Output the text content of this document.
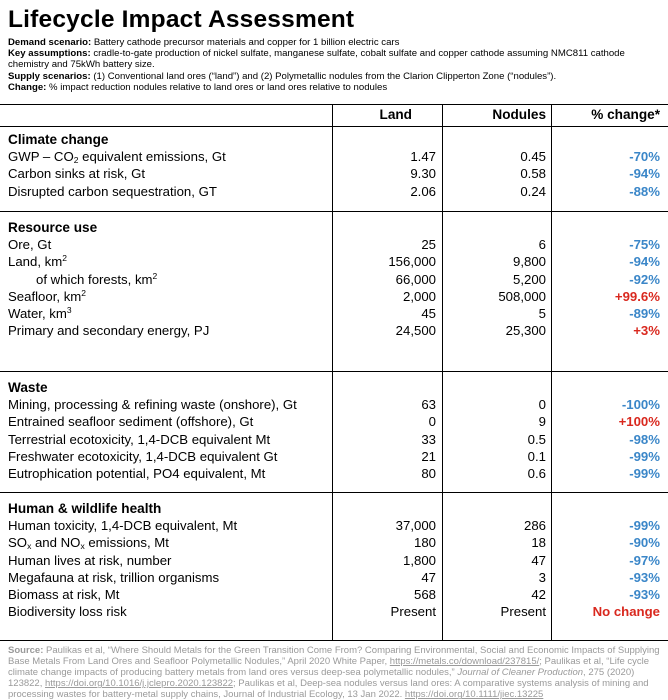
Lifecycle Impact Assessment
Demand scenario: Battery cathode precursor materials and copper for 1 billion electric cars
Key assumptions: cradle-to-gate production of nickel sulfate, manganese sulfate, cobalt sulfate and copper cathode assuming NMC811 cathode chemistry and 75kWh battery size.
Supply scenarios: (1) Conventional land ores (“land”) and (2) Polymetallic nodules from the Clarion Clipperton Zone (“nodules”).
Change: % impact reduction nodules relative to land ores or land ores relative to nodules
Land	Nodules	% change*
Climate change
GWP – $CO_2$ equivalent emissions, Gt	1.47	0.45	-70%
Carbon sinks at risk, Gt	9.30	0.58	-94%
Disrupted carbon sequestration, GT	2.06	0.24	-88%
Resource use
Ore, Gt	25	6	-75%
Land, $km^2$	156,000	9,800	-94%
of which forests, $km^2$	66,000	5,200	-92%
Seafloor, $km^2$	2,000	508,000	+99.6%
Water, $km^3$	45	5	-89%
Primary and secondary energy, PJ	24,500	25,300	+3%
Waste
Mining, processing & refining waste (onshore), Gt	63	0	-100%
Entrained seafloor sediment (offshore), Gt	0	9	+100%
Terrestrial ecotoxicity, 1,4-DCB equivalent Mt	33	0.5	-98%
Freshwater ecotoxicity, 1,4-DCB equivalent Gt	21	0.1	-99%
Eutrophication potential, PO4 equivalent, Mt	80	0.6	-99%
Human & wildlife health
Human toxicity, 1,4-DCB equivalent, Mt	37,000	286	-99%
$SO_x$ and $NO_x$ emissions, Mt	180	18	-90%
Human lives at risk, number	1,800	47	-97%
Megafauna at risk, trillion organisms	47	3	-93%
Biomass at risk, Mt	568	42	-93%
Biodiversity loss risk	Present	Present	No change
Source: Paulikas et al, “Where Should Metals for the Green Transition Come From? Comparing Environmental, Social and Economic Impacts of Supplying Base Metals From Land Ores and Seafloor Polymetallic Nodules,” April 2020 White Paper, https://metals.co/download/237815/; Paulikas et al, “Life cycle climate change impacts of producing battery metals from land ores versus deep-sea polymetallic nodules,” Journal of Cleaner Production, 275 (2020) 123822, https://doi.org/10.1016/j.jclepro.2020.123822; Paulikas et al, Deep-sea nodules versus land ores: A comparative systems analysis of mining and processing wastes for battery-metal supply chains, Journal of Industrial Ecology, 13 Jan 2022. https://doi.org/10.1111/jiec.13225
